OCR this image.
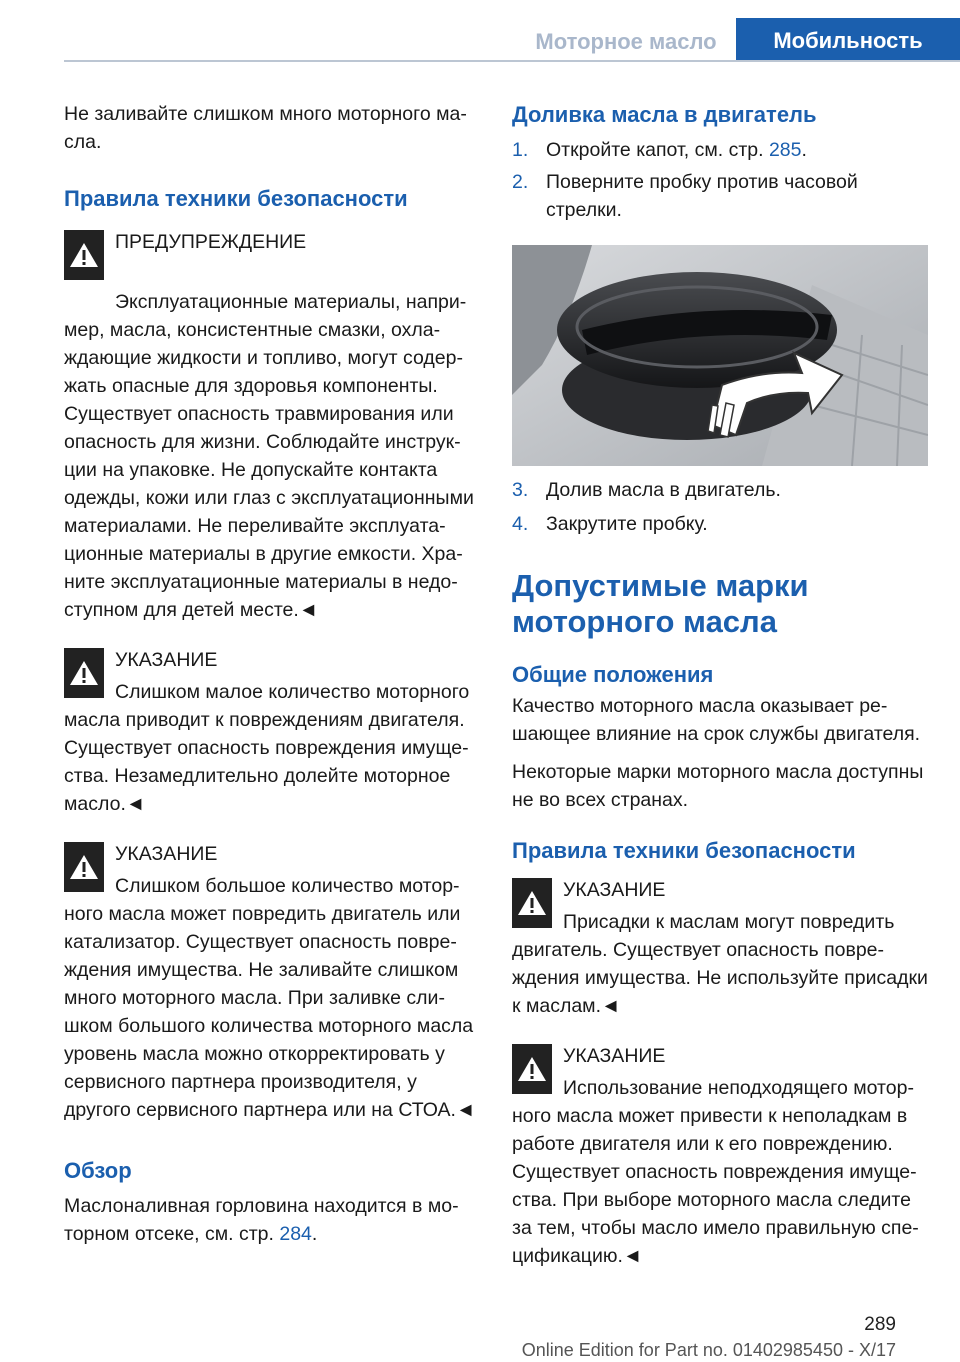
Моторное масло	Мобильность

Не заливайте слишком много моторного масла.

Правила техники безопасности

ПРЕДУПРЕЖДЕНИЕ
Эксплуатационные материалы, например, масла, консистентные смазки, охлаждающие жидкости и топливо, могут содержать опасные для здоровья компоненты. Существует опасность травмирования или опасность для жизни. Соблюдайте инструкции на упаковке. Не допускайте контакта одежды, кожи или глаз с эксплуатационными материалами. Не переливайте эксплуатационные материалы в другие емкости. Храните эксплуатационные материалы в недоступном для детей месте.◄

УКАЗАНИЕ
Слишком малое количество моторного масла приводит к повреждениям двигателя. Существует опасность повреждения имущества. Незамедлительно долейте моторное масло.◄

УКАЗАНИЕ
Слишком большое количество моторного масла может повредить двигатель или катализатор. Существует опасность повреждения имущества. Не заливайте слишком много моторного масла. При заливке слишком большого количества моторного масла уровень масла можно откорректировать у сервисного партнера производителя, у другого сервисного партнера или на СТОА.◄

Обзор

Маслоналивная горловина находится в моторном отсеке, см. стр. 284.

Доливка масла в двигатель
1. Откройте капот, см. стр. 285.
2. Поверните пробку против часовой стрелки.
3. Долив масла в двигатель.
4. Закрутите пробку.
Допустимые марки моторного масла
Общие положения

Качество моторного масла оказывает решающее влияние на срок службы двигателя.

Некоторые марки моторного масла доступны не во всех странах.

Правила техники безопасности

УКАЗАНИЕ
Присадки к маслам могут повредить двигатель. Существует опасность повреждения имущества. Не используйте присадки к маслам.◄

УКАЗАНИЕ
Использование неподходящего моторного масла может привести к неполадкам в работе двигателя или к его повреждению. Существует опасность повреждения имущества. При выборе моторного масла следите за тем, чтобы масло имело правильную спецификацию.◄

289
Online Edition for Part no. 01402985450 - X/17
